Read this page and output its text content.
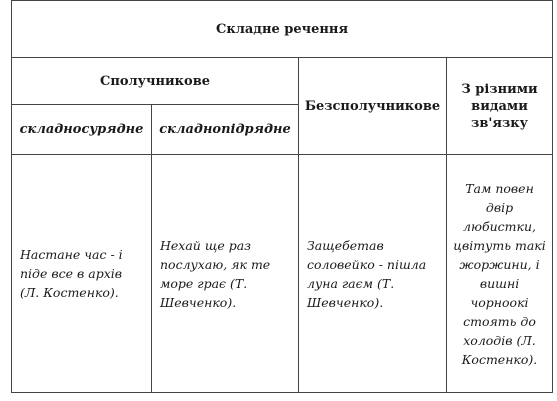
Складне речення			
Сполучникове		Безсполучникове	З різними видами зв'язку
складносурядне	складнопідрядне		
Настане час - і піде все в архів (Л. Костенко).	Нехай ще раз послухаю, як те море грає (Т. Шевченко).	Защебетав соловейко - пішла луна гаєм (Т. Шевченко).	Там повен двір любистки, цвітуть такі жоржини, і вишні чорноокі стоять до холодів (Л. Костенко).
